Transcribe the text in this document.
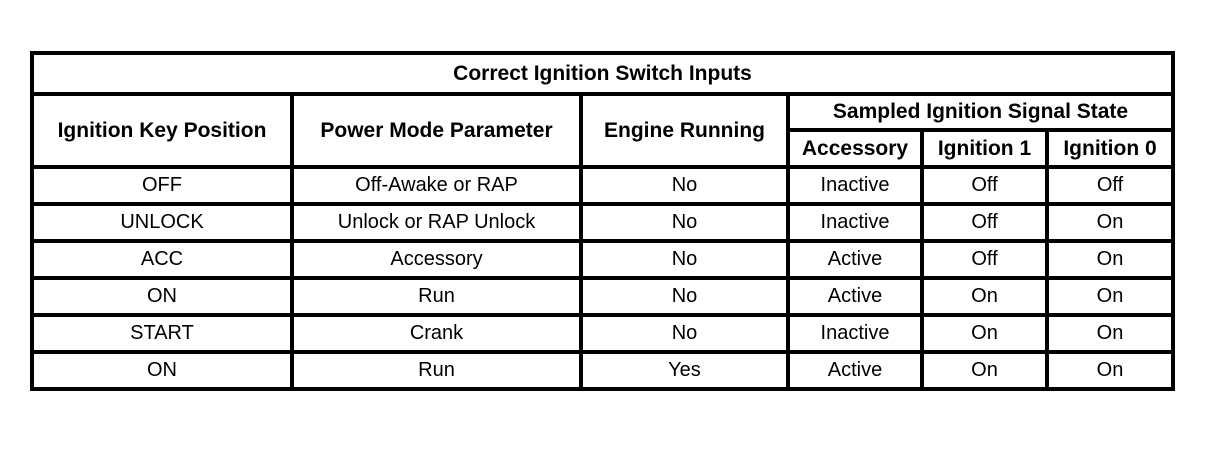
Correct Ignition Switch Inputs					
Ignition Key Position	Power Mode Parameter	Engine Running	Sampled Ignition Signal State		
			Accessory	Ignition 1	Ignition 0
OFF	Off-Awake or RAP	No	Inactive	Off	Off
UNLOCK	Unlock or RAP Unlock	No	Inactive	Off	On
ACC	Accessory	No	Active	Off	On
ON	Run	No	Active	On	On
START	Crank	No	Inactive	On	On
ON	Run	Yes	Active	On	On
